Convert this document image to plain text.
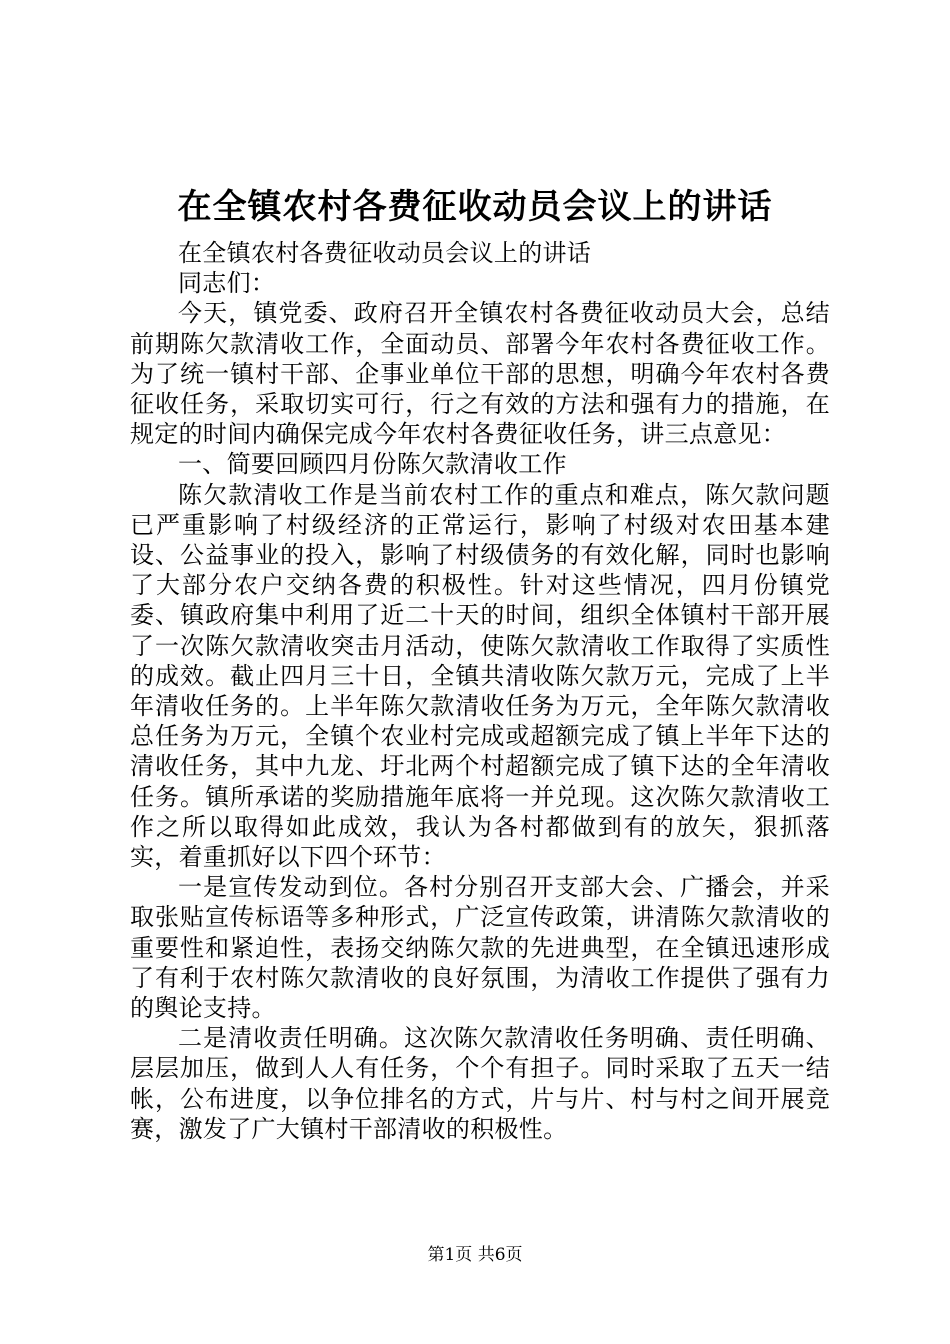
在全镇农村各费征收动员会议上的讲话

在全镇农村各费征收动员会议上的讲话

同志们：

今天，镇党委、政府召开全镇农村各费征收动员大会，总结前期陈欠款清收工作，全面动员、部署今年农村各费征收工作。为了统一镇村干部、企事业单位干部的思想，明确今年农村各费征收任务，采取切实可行，行之有效的方法和强有力的措施，在规定的时间内确保完成今年农村各费征收任务，讲三点意见：

一、简要回顾四月份陈欠款清收工作

陈欠款清收工作是当前农村工作的重点和难点，陈欠款问题已严重影响了村级经济的正常运行，影响了村级对农田基本建设、公益事业的投入，影响了村级债务的有效化解，同时也影响了大部分农户交纳各费的积极性。针对这些情况，四月份镇党委、镇政府集中利用了近二十天的时间，组织全体镇村干部开展了一次陈欠款清收突击月活动，使陈欠款清收工作取得了实质性的成效。截止四月三十日，全镇共清收陈欠款万元，完成了上半年清收任务的。上半年陈欠款清收任务为万元，全年陈欠款清收总任务为万元，全镇个农业村完成或超额完成了镇上半年下达的清收任务，其中九龙、圩北两个村超额完成了镇下达的全年清收任务。镇所承诺的奖励措施年底将一并兑现。这次陈欠款清收工作之所以取得如此成效，我认为各村都做到有的放矢，狠抓落实，着重抓好以下四个环节：

一是宣传发动到位。各村分别召开支部大会、广播会，并采取张贴宣传标语等多种形式，广泛宣传政策，讲清陈欠款清收的重要性和紧迫性，表扬交纳陈欠款的先进典型，在全镇迅速形成了有利于农村陈欠款清收的良好氛围，为清收工作提供了强有力的舆论支持。

二是清收责任明确。这次陈欠款清收任务明确、责任明确、层层加压，做到人人有任务，个个有担子。同时采取了五天一结帐，公布进度，以争位排名的方式，片与片、村与村之间开展竞赛，激发了广大镇村干部清收的积极性。

第1页 共6页
